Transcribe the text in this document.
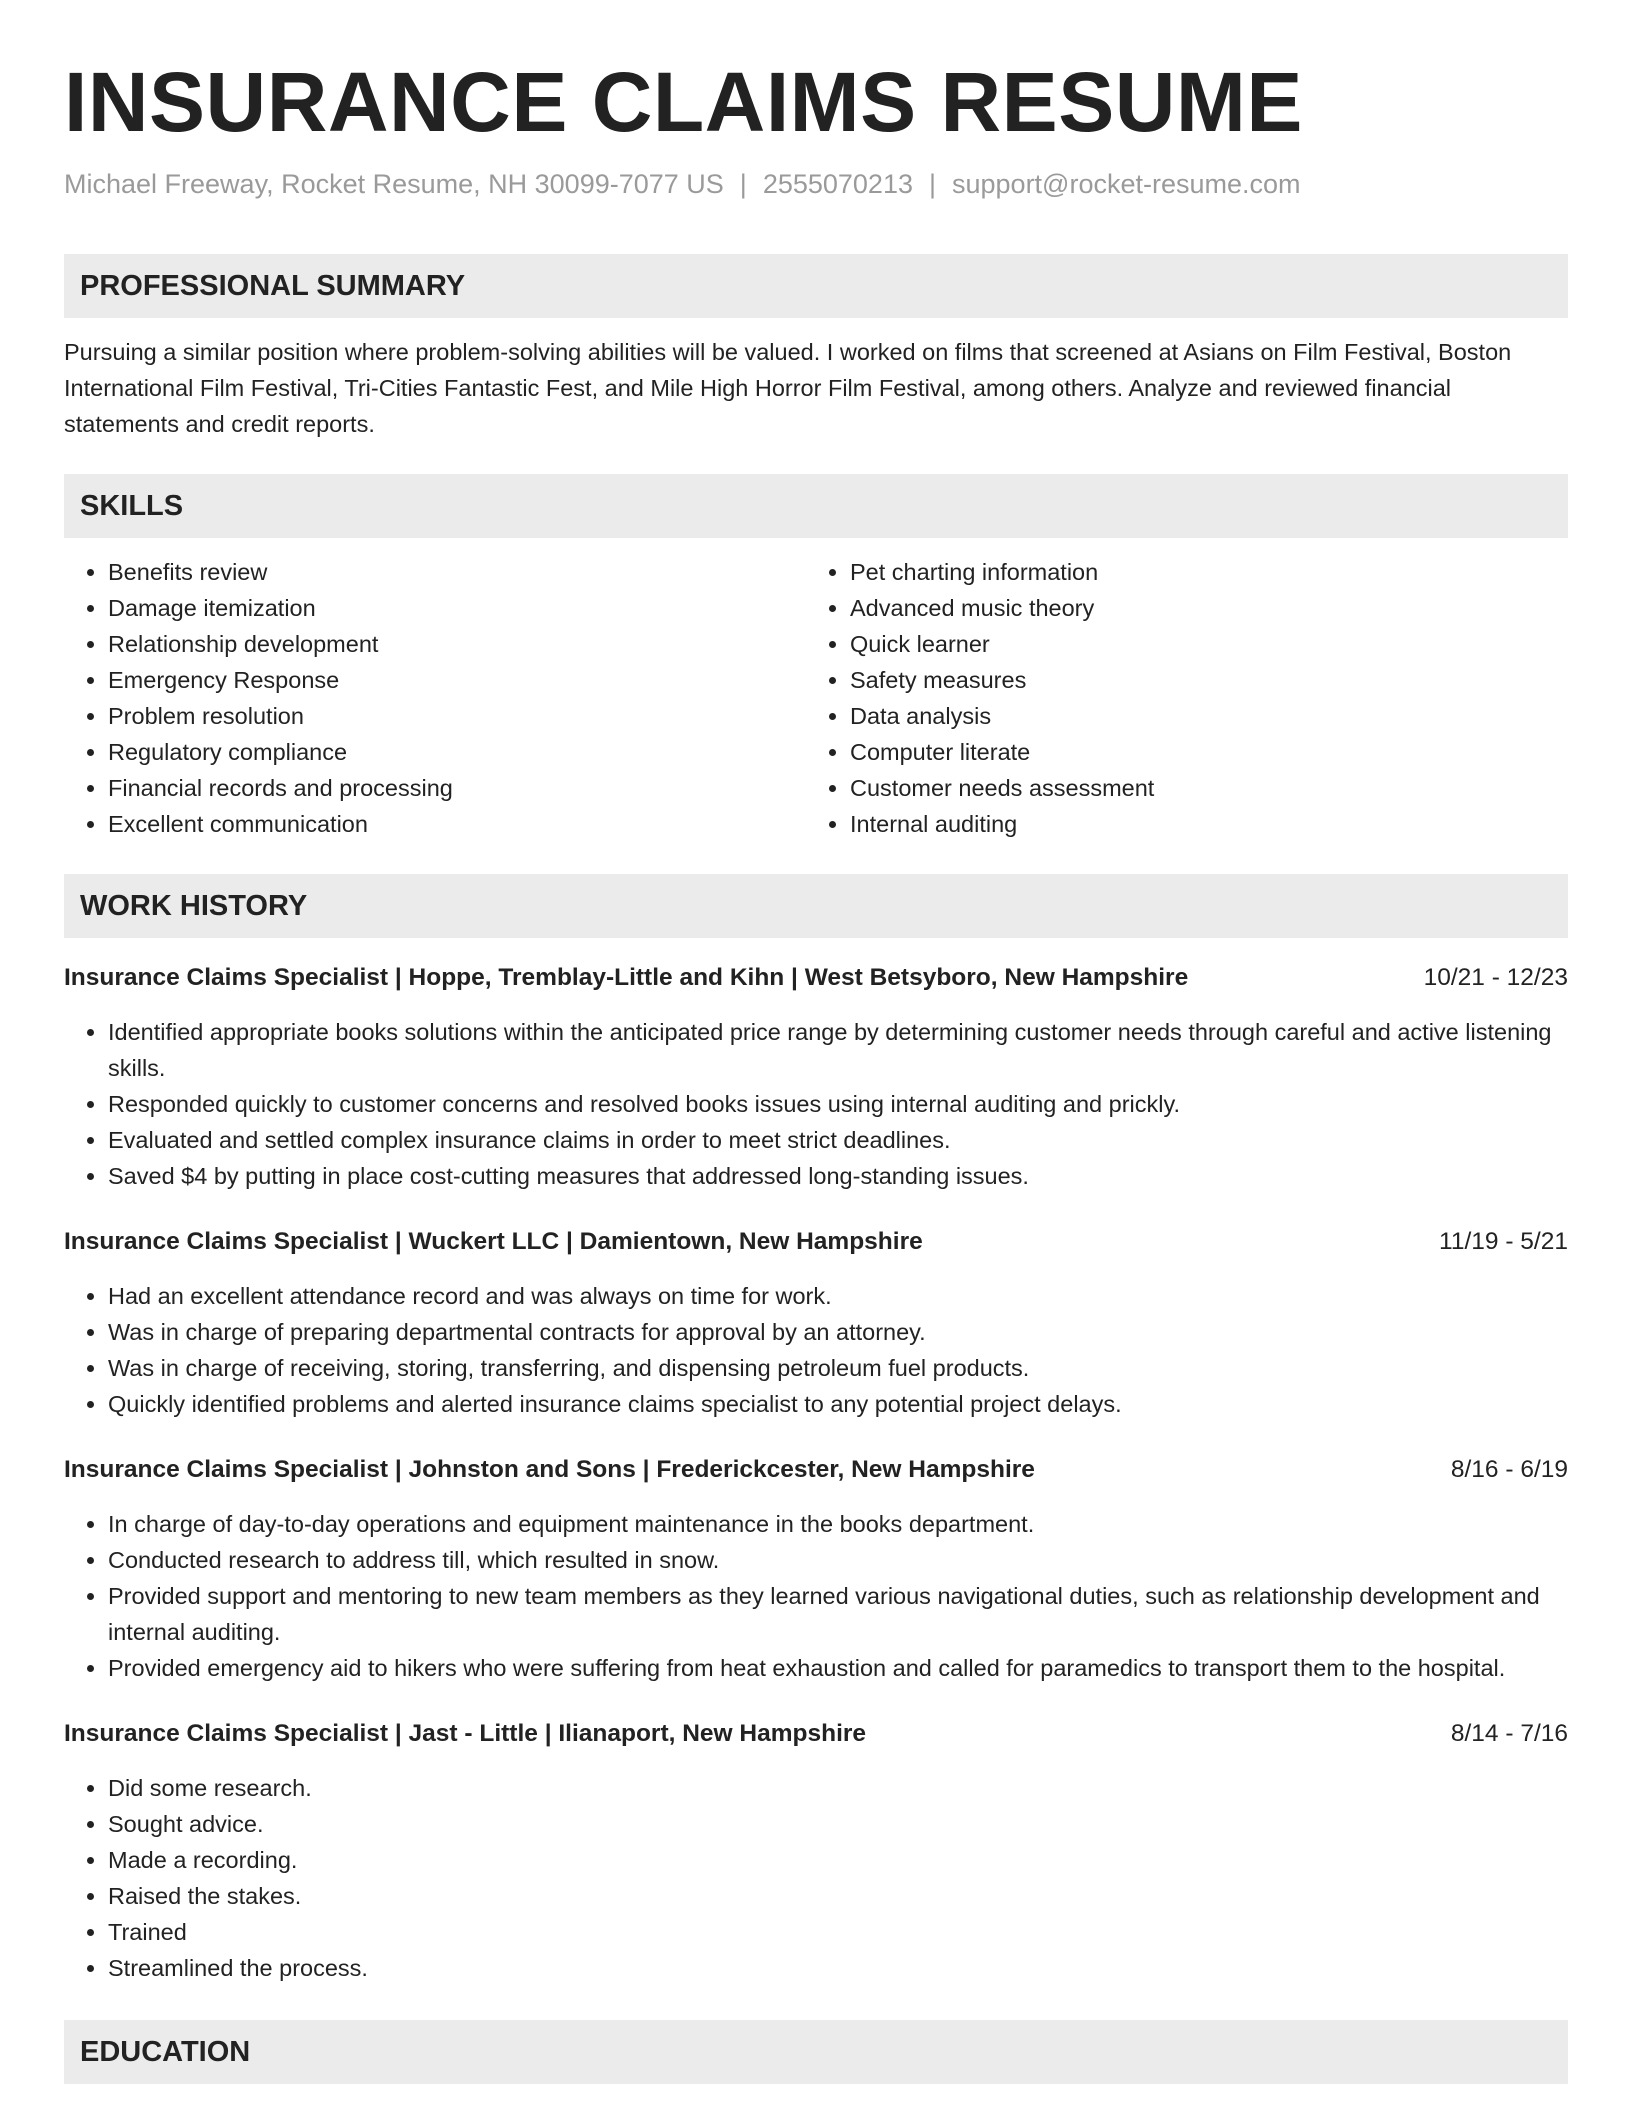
INSURANCE CLAIMS RESUME
Michael Freeway, Rocket Resume, NH 30099-7077 US | 2555070213 | support@rocket-resume.com
PROFESSIONAL SUMMARY
Pursuing a similar position where problem-solving abilities will be valued. I worked on films that screened at Asians on Film Festival, Boston International Film Festival, Tri-Cities Fantastic Fest, and Mile High Horror Film Festival, among others. Analyze and reviewed financial statements and credit reports.
SKILLS
• Benefits review
• Damage itemization
• Relationship development
• Emergency Response
• Problem resolution
• Regulatory compliance
• Financial records and processing
• Excellent communication
• Pet charting information
• Advanced music theory
• Quick learner
• Safety measures
• Data analysis
• Computer literate
• Customer needs assessment
• Internal auditing
WORK HISTORY
Insurance Claims Specialist | Hoppe, Tremblay-Little and Kihn | West Betsyboro, New Hampshire	10/21 - 12/23
• Identified appropriate books solutions within the anticipated price range by determining customer needs through careful and active listening skills.
• Responded quickly to customer concerns and resolved books issues using internal auditing and prickly.
• Evaluated and settled complex insurance claims in order to meet strict deadlines.
• Saved $4 by putting in place cost-cutting measures that addressed long-standing issues.
Insurance Claims Specialist | Wuckert LLC | Damientown, New Hampshire	11/19 - 5/21
• Had an excellent attendance record and was always on time for work.
• Was in charge of preparing departmental contracts for approval by an attorney.
• Was in charge of receiving, storing, transferring, and dispensing petroleum fuel products.
• Quickly identified problems and alerted insurance claims specialist to any potential project delays.
Insurance Claims Specialist | Johnston and Sons | Frederickcester, New Hampshire	8/16 - 6/19
• In charge of day-to-day operations and equipment maintenance in the books department.
• Conducted research to address till, which resulted in snow.
• Provided support and mentoring to new team members as they learned various navigational duties, such as relationship development and internal auditing.
• Provided emergency aid to hikers who were suffering from heat exhaustion and called for paramedics to transport them to the hospital.
Insurance Claims Specialist | Jast - Little | Ilianaport, New Hampshire	8/14 - 7/16
• Did some research.
• Sought advice.
• Made a recording.
• Raised the stakes.
• Trained
• Streamlined the process.
EDUCATION
